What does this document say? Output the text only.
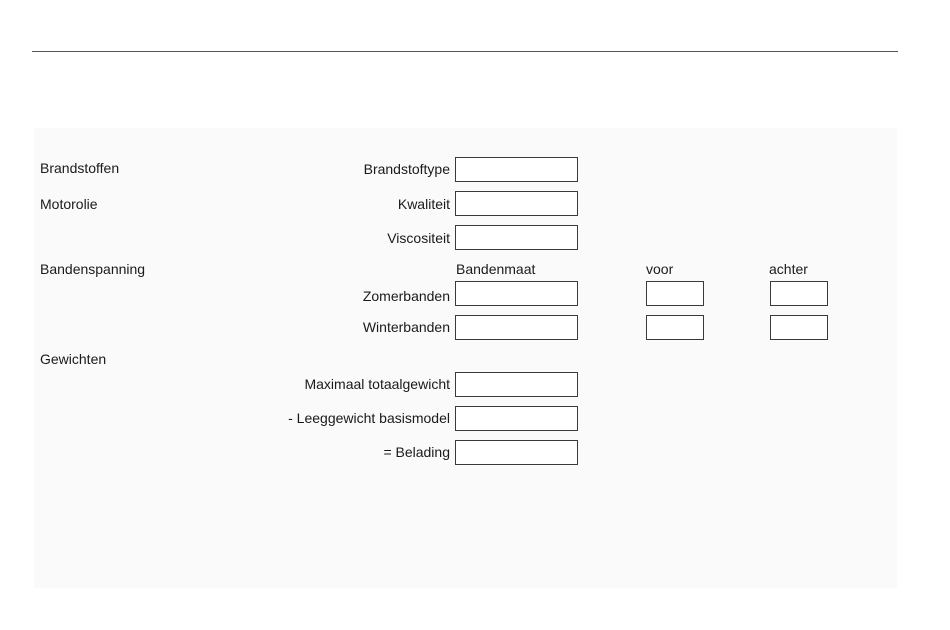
Brandstoffen
Motorolie
Bandenspanning
Gewichten
Brandstoftype
Kwaliteit
Viscositeit
Bandenmaat	voor	achter
Zomerbanden
Winterbanden
Maximaal totaalgewicht
- Leeggewicht basismodel
= Belading
